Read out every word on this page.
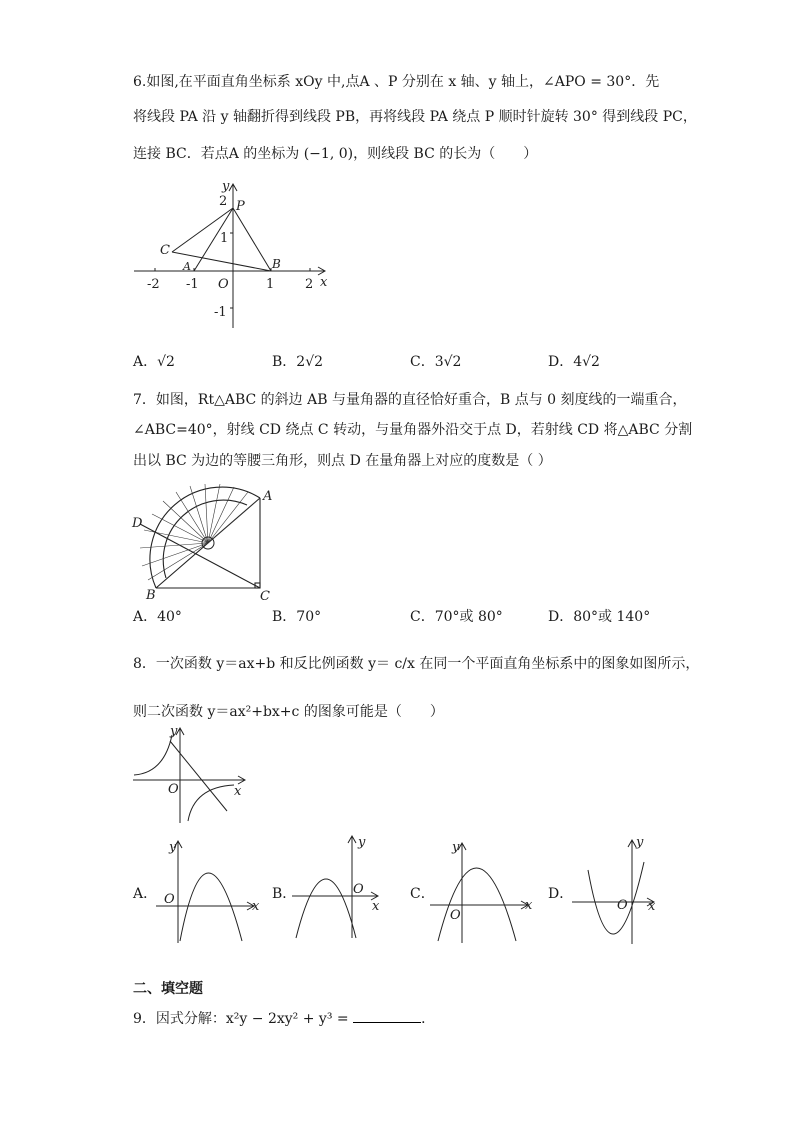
6.如图,在平面直角坐标系 xOy 中,点A 、P 分别在 x 轴、y 轴上，∠APO = 30°．先
将线段 PA 沿 y 轴翻折得到线段 PB，再将线段 PA 绕点 P 顺时针旋转 30° 得到线段 PC，
连接 BC．若点A 的坐标为 (−1, 0)，则线段 BC 的长为（　　）
y
x
O
-2 -1	1 2
2
1
-1
P
C
A	B
A．√2	B．2√2	C．3√2	D．4√2
7．如图，Rt△ABC 的斜边 AB 与量角器的直径恰好重合，B 点与 0 刻度线的一端重合，
∠ABC=40°，射线 CD 绕点 C 转动，与量角器外沿交于点 D，若射线 CD 将△ABC 分割
出以 BC 为边的等腰三角形，则点 D 在量角器上对应的度数是（ ）
A
B	C
D
A．40°	B．70°	C．70°或 80°	D．80°或 140°
8．一次函数 y＝ax+b 和反比例函数 y＝ c/x 在同一个平面直角坐标系中的图象如图所示，
则二次函数 y＝ax²+bx+c 的图象可能是（　　）
y
x
O
A．
y
x
O	B．
y
x
O	C．
y
x
O
D．
y
x
O
二、填空题
9．因式分解：x²y − 2xy² + y³ =	．
